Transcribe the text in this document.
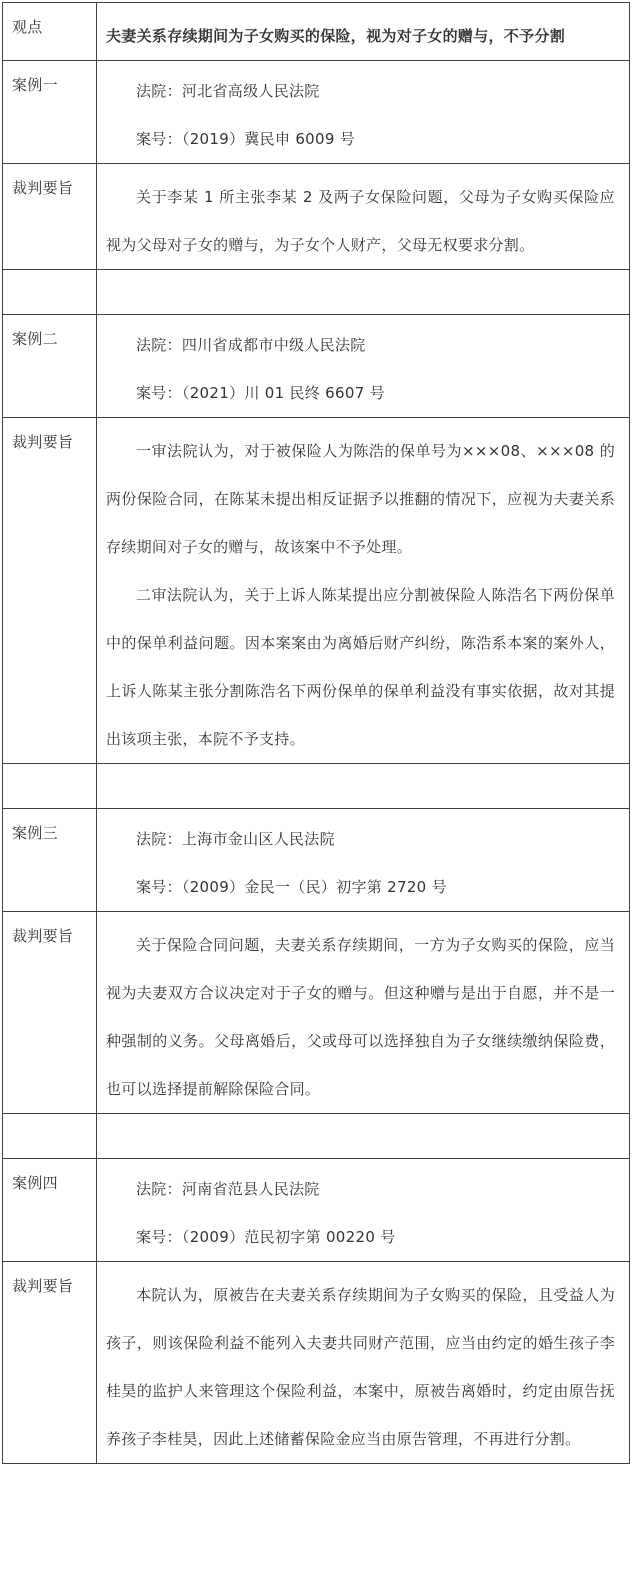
观点	夫妻关系存续期间为子女购买的保险，视为对子女的赠与，不予分割
案例一	法院：河北省高级人民法院

案号：（2019）冀民申 6009 号

裁判要旨	关于李某 1 所主张李某 2 及两子女保险问题，父母为子女购买保险应视为父母对子女的赠与，为子女个人财产，父母无权要求分割。

案例二	法院：四川省成都市中级人民法院

案号：（2021）川 01 民终 6607 号

裁判要旨	一审法院认为，对于被保险人为陈浩的保单号为×××08、×××08 的两份保险合同，在陈某未提出相反证据予以推翻的情况下，应视为夫妻关系存续期间对子女的赠与，故该案中不予处理。

二审法院认为，关于上诉人陈某提出应分割被保险人陈浩名下两份保单中的保单利益问题。因本案案由为离婚后财产纠纷，陈浩系本案的案外人，上诉人陈某主张分割陈浩名下两份保单的保单利益没有事实依据，故对其提出该项主张，本院不予支持。

案例三	法院：上海市金山区人民法院

案号：（2009）金民一（民）初字第 2720 号

裁判要旨	关于保险合同问题，夫妻关系存续期间，一方为子女购买的保险，应当视为夫妻双方合议决定对于子女的赠与。但这种赠与是出于自愿，并不是一种强制的义务。父母离婚后，父或母可以选择独自为子女继续缴纳保险费，也可以选择提前解除保险合同。

案例四	法院：河南省范县人民法院

案号：（2009）范民初字第 00220 号

裁判要旨	本院认为，原被告在夫妻关系存续期间为子女购买的保险，且受益人为孩子，则该保险利益不能列入夫妻共同财产范围，应当由约定的婚生孩子李桂昊的监护人来管理这个保险利益，本案中，原被告离婚时，约定由原告抚养孩子李桂昊，因此上述储蓄保险金应当由原告管理，不再进行分割。
